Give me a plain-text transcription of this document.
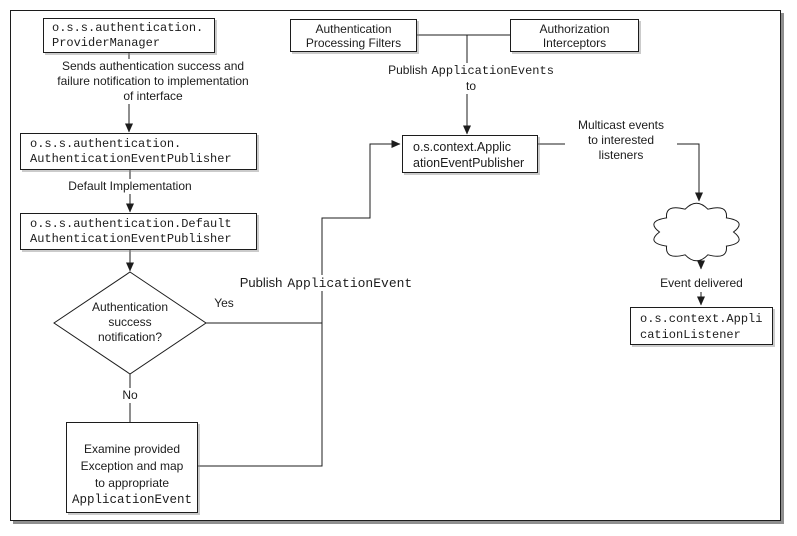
o.s.s.authentication.
ProviderManager
Sends authentication success and
failure notification to implementation
of interface
o.s.s.authentication.
AuthenticationEventPublisher
Default Implementation
o.s.s.authentication.Default
AuthenticationEventPublisher
Authentication
success
notification?
Yes
No
Examine provided
Exception and map
to appropriate
ApplicationEvent
Publish ApplicationEvent
Authentication
Processing Filters
Authorization
Interceptors
Publish ApplicationEvents
to
o.s.context.Applic
ationEventPublisher
Multicast events
to interested
listeners
Event delivered
o.s.context.Appli
cationListener
